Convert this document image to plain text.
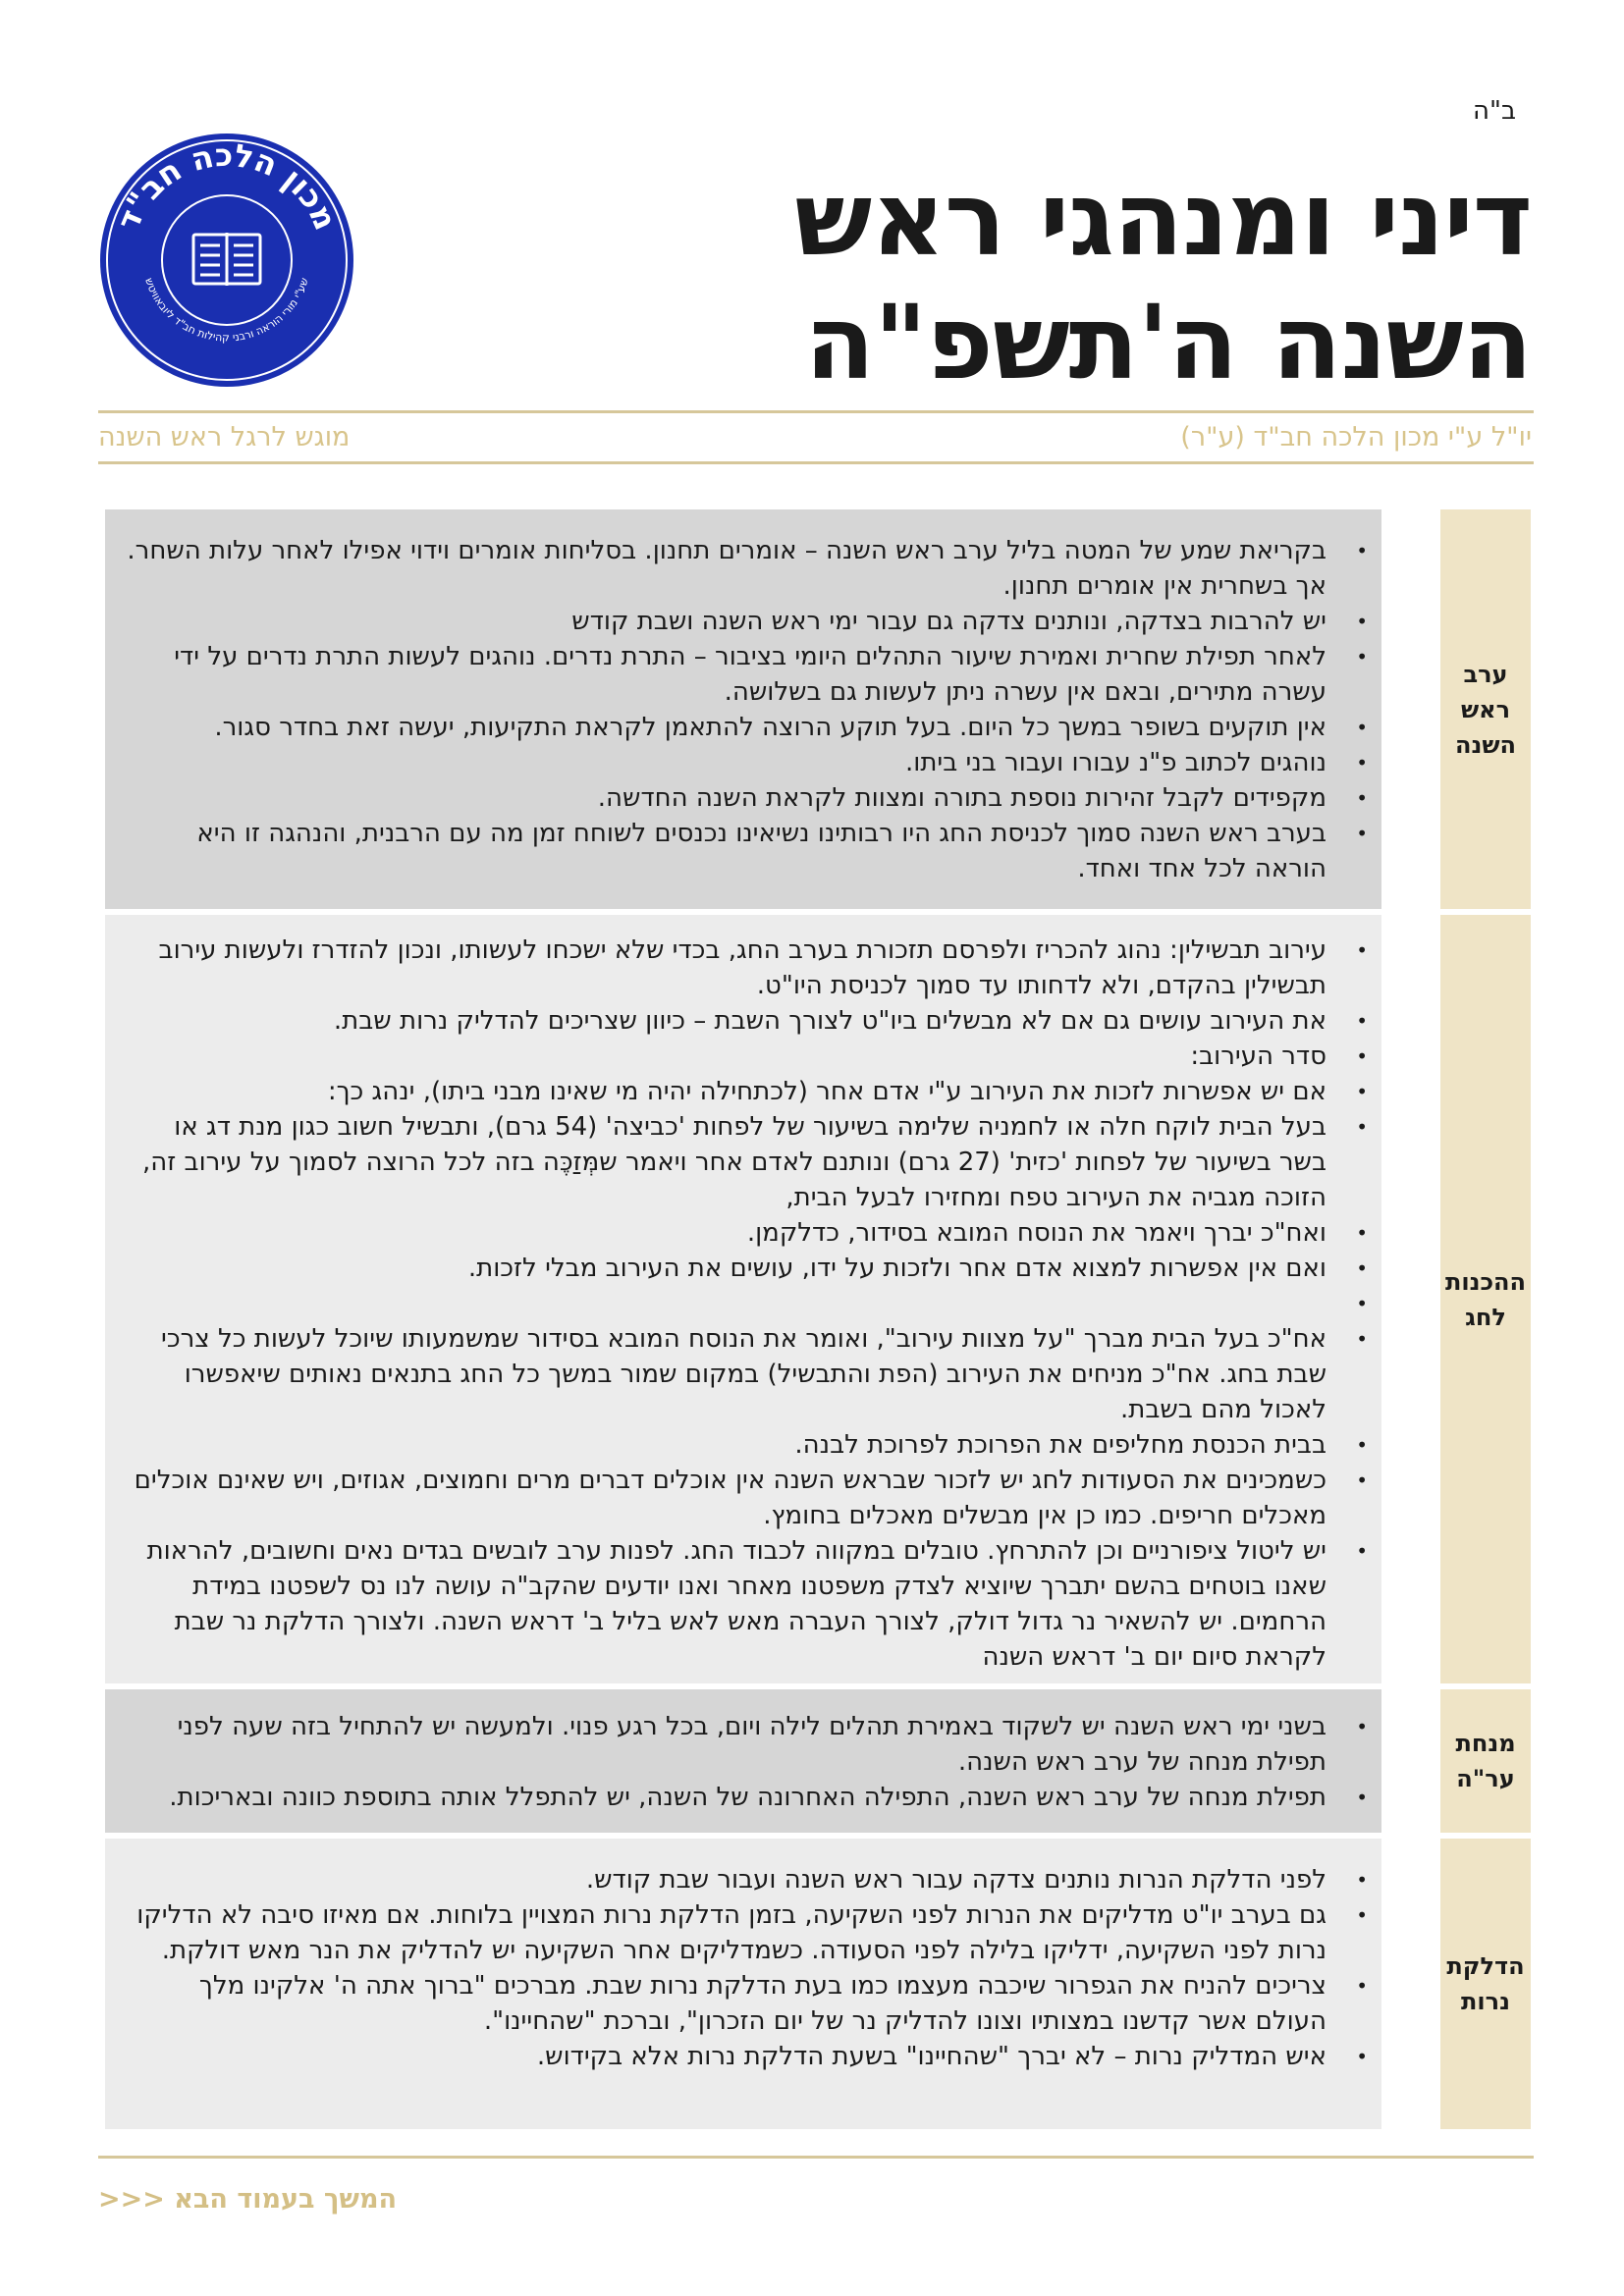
ב"ה
מכון הלכה חב"ד
שע"י מורי הוראה ורבני קהילות חב"ד ליובאוויטש
דיני ומנהגי ראש
השנה ה'תשפ"ה
יו"ל ע"י מכון הלכה חב"ד (ע"ר)
מוגש לרגל ראש השנה
ערב ראש השנה
• בקריאת שמע של המטה בליל ערב ראש השנה – אומרים תחנון. בסליחות אומרים וידוי אפילו לאחר עלות השחר. אך בשחרית אין אומרים תחנון.
• יש להרבות בצדקה, ונותנים צדקה גם עבור ימי ראש השנה ושבת קודש
• לאחר תפילת שחרית ואמירת שיעור התהלים היומי בציבור – התרת נדרים. נוהגים לעשות התרת נדרים על ידי עשרה מתירים, ובאם אין עשרה ניתן לעשות גם בשלושה.
• אין תוקעים בשופר במשך כל היום. בעל תוקע הרוצה להתאמן לקראת התקיעות, יעשה זאת בחדר סגור.
• נוהגים לכתוב פ"נ עבורו ועבור בני ביתו.
• מקפידים לקבל זהירות נוספת בתורה ומצוות לקראת השנה החדשה.
• בערב ראש השנה סמוך לכניסת החג היו רבותינו נשיאינו נכנסים לשוחח זמן מה עם הרבנית, והנהגה זו היא הוראה לכל אחד ואחד.
ההכנות לחג
• עירוב תבשילין: נהוג להכריז ולפרסם תזכורת בערב החג, בכדי שלא ישכחו לעשותו, ונכון להזדרז ולעשות עירוב תבשילין בהקדם, ולא לדחותו עד סמוך לכניסת היו"ט.
• את העירוב עושים גם אם לא מבשלים ביו"ט לצורך השבת – כיוון שצריכים להדליק נרות שבת.
• סדר העירוב:
• אם יש אפשרות לזכות את העירוב ע"י אדם אחר (לכתחילה יהיה מי שאינו מבני ביתו), ינהג כך:
• בעל הבית לוקח חלה או לחמניה שלימה בשיעור של לפחות 'כביצה' (54 גרם), ותבשיל חשוב כגון מנת דג או בשר בשיעור של לפחות 'כזית' (27 גרם) ונותנם לאדם אחר ויאמר שמְּזַכֶּה בזה לכל הרוצה לסמוך על עירוב זה, הזוכה מגביה את העירוב טפח ומחזירו לבעל הבית,
• ואח"כ יברך ויאמר את הנוסח המובא בסידור, כדלקמן.
• ואם אין אפשרות למצוא אדם אחר ולזכות על ידו, עושים את העירוב מבלי לזכות.
•
• אח"כ בעל הבית מברך "על מצוות עירוב", ואומר את הנוסח המובא בסידור שמשמעותו שיוכל לעשות כל צרכי שבת בחג. אח"כ מניחים את העירוב (הפת והתבשיל) במקום שמור במשך כל החג בתנאים נאותים שיאפשרו לאכול מהם בשבת.
• בבית הכנסת מחליפים את הפרוכת לפרוכת לבנה.
• כשמכינים את הסעודות לחג יש לזכור שבראש השנה אין אוכלים דברים מרים וחמוצים, אגוזים, ויש שאינם אוכלים מאכלים חריפים. כמו כן אין מבשלים מאכלים בחומץ.
• יש ליטול ציפורניים וכן להתרחץ. טובלים במקווה לכבוד החג. לפנות ערב לובשים בגדים נאים וחשובים, להראות שאנו בוטחים בהשם יתברך שיוציא לצדק משפטנו מאחר ואנו יודעים שהקב"ה עושה לנו נס לשפטנו במידת הרחמים. יש להשאיר נר גדול דולק, לצורך העברה מאש לאש בליל ב' דראש השנה. ולצורך הדלקת נר שבת לקראת סיום יום ב' דראש השנה
מנחת ער"ה
• בשני ימי ראש השנה יש לשקוד באמירת תהלים לילה ויום, בכל רגע פנוי. ולמעשה יש להתחיל בזה שעה לפני תפילת מנחה של ערב ראש השנה.
• תפילת מנחה של ערב ראש השנה, התפילה האחרונה של השנה, יש להתפלל אותה בתוספת כוונה ובאריכות.
הדלקת נרות
• לפני הדלקת הנרות נותנים צדקה עבור ראש השנה ועבור שבת קודש.
• גם בערב יו"ט מדליקים את הנרות לפני השקיעה, בזמן הדלקת נרות המצויין בלוחות. אם מאיזו סיבה לא הדליקו נרות לפני השקיעה, ידליקו בלילה לפני הסעודה. כשמדליקים אחר השקיעה יש להדליק את הנר מאש דולקת.
• צריכים להניח את הגפרור שיכבה מעצמו כמו בעת הדלקת נרות שבת. מברכים "ברוך אתה ה' אלקינו מלך העולם אשר קדשנו במצותיו וצונו להדליק נר של יום הזכרון", וברכת "שהחיינו".
• איש המדליק נרות – לא יברך "שהחיינו" בשעת הדלקת נרות אלא בקידוש.
המשך בעמוד הבא <<<
